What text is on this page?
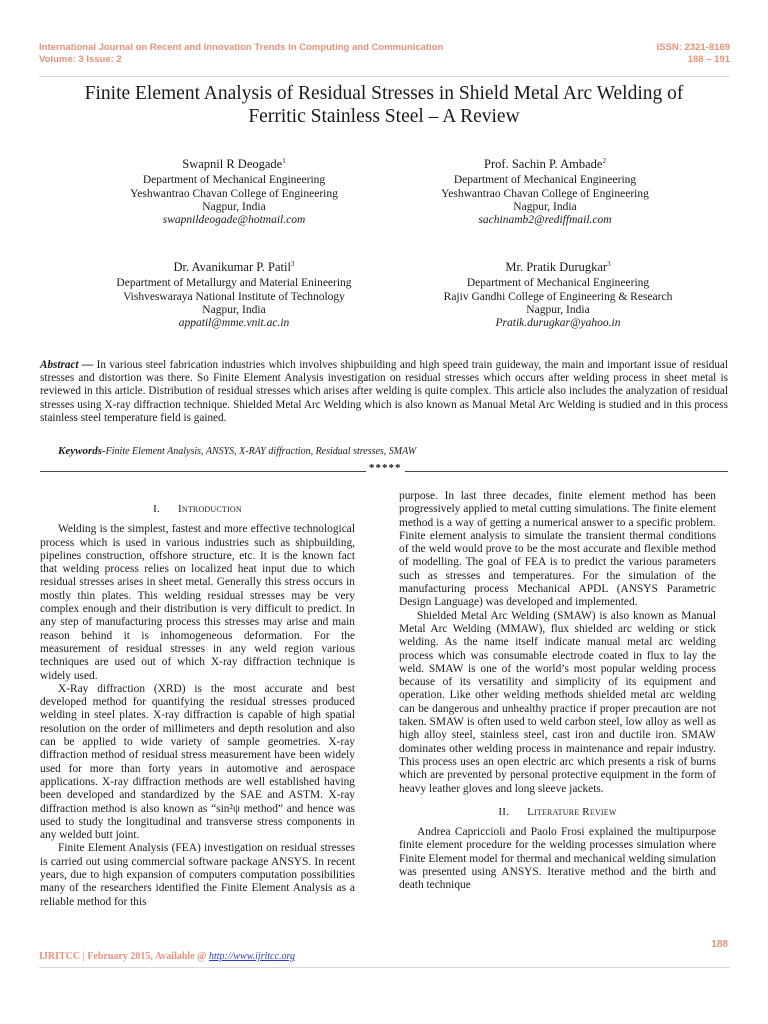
International Journal on Recent and Innovation Trends in Computing and Communication
Volume: 3 Issue: 2
ISSN: 2321-8169
188 – 191
Finite Element Analysis of Residual Stresses in Shield Metal Arc Welding of
Ferritic Stainless Steel – A Review
Swapnil R Deogade$^1$
Department of Mechanical Engineering
Yeshwantrao Chavan College of Engineering
Nagpur, India
swapnildeogade@hotmail.com
Prof. Sachin P. Ambade$^2$
Department of Mechanical Engineering
Yeshwantrao Chavan College of Engineering
Nagpur, India
sachinamb2@rediffmail.com
Dr. Avanikumar P. Patil$^3$
Department of Metallurgy and Material Enineering
Vishveswaraya National Institute of Technology
Nagpur, India
appatil@mme.vnit.ac.in
Mr. Pratik Durugkar$^3$
Department of Mechanical Engineering
Rajiv Gandhi College of Engineering & Research
Nagpur, India
Pratik.durugkar@yahoo.in
Abstract — In various steel fabrication industries which involves shipbuilding and high speed train guideway, the main and important issue of residual stresses and distortion was there. So Finite Element Analysis investigation on residual stresses which occurs after welding process in sheet metal is reviewed in this article. Distribution of residual stresses which arises after welding is quite complex. This article also includes the analyzation of residual stresses using X-ray diffraction technique. Shielded Metal Arc Welding which is also known as Manual Metal Arc Welding is studied and in this process stainless steel temperature field is gained.
Keywords-Finite Element Analysis, ANSYS, X-RAY diffraction, Residual stresses, SMAW
*****

I. Introduction

Welding is the simplest, fastest and more effective technological process which is used in various industries such as shipbuilding, pipelines construction, offshore structure, etc. It is the known fact that welding process relies on localized heat input due to which residual stresses arises in sheet metal. Generally this stress occurs in mostly thin plates. This welding residual stresses may be very complex enough and their distribution is very difficult to predict. In any step of manufacturing process this stresses may arise and main reason behind it is inhomogeneous deformation. For the measurement of residual stresses in any weld region various techniques are used out of which X-ray diffraction technique is widely used.

X-Ray diffraction (XRD) is the most accurate and best developed method for quantifying the residual stresses produced welding in steel plates. X-ray diffraction is capable of high spatial resolution on the order of millimeters and depth resolution and also can be applied to wide variety of sample geometries. X-ray diffraction method of residual stress measurement have been widely used for more than forty years in automotive and aerospace applications. X-ray diffraction methods are well established having been developed and standardized by the SAE and ASTM. X-ray diffraction method is also known as “sin²ψ method” and hence was used to study the longitudinal and transverse stress components in any welded butt joint.

Finite Element Analysis (FEA) investigation on residual stresses is carried out using commercial software package ANSYS. In recent years, due to high expansion of computers computation possibilities many of the researchers identified the Finite Element Analysis as a reliable method for this

purpose. In last three decades, finite element method has been progressively applied to metal cutting simulations. The finite element method is a way of getting a numerical answer to a specific problem. Finite element analysis to simulate the transient thermal conditions of the weld would prove to be the most accurate and flexible method of modelling. The goal of FEA is to predict the various parameters such as stresses and temperatures. For the simulation of the manufacturing process Mechanical APDL (ANSYS Parametric Design Language) was developed and implemented.

Shielded Metal Arc Welding (SMAW) is also known as Manual Metal Arc Welding (MMAW), flux shielded arc welding or stick welding. As the name itself indicate manual metal arc welding process which was consumable electrode coated in flux to lay the weld. SMAW is one of the world’s most popular welding process because of its versatility and simplicity of its equipment and operation. Like other welding methods shielded metal arc welding can be dangerous and unhealthy practice if proper precaution are not taken. SMAW is often used to weld carbon steel, low alloy as well as high alloy steel, stainless steel, cast iron and ductile iron. SMAW dominates other welding process in maintenance and repair industry. This process uses an open electric arc which presents a risk of burns which are prevented by personal protective equipment in the form of heavy leather gloves and long sleeve jackets.

II. Literature Review

Andrea Capriccioli and Paolo Frosi explained the multipurpose finite element procedure for the welding processes simulation where Finite Element model for thermal and mechanical welding simulation was presented using ANSYS. Iterative method and the birth and death technique

188
IJRITCC | February 2015, Available @ http://www.ijritcc.org
